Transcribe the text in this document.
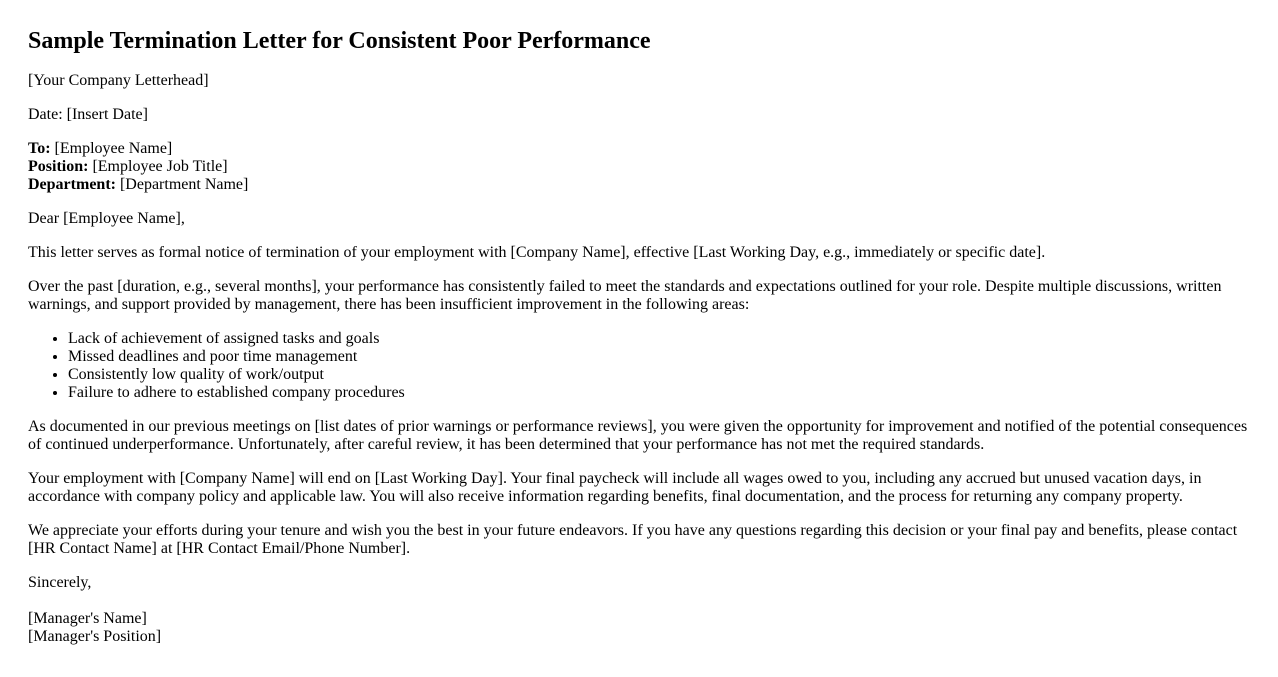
Sample Termination Letter for Consistent Poor Performance

[Your Company Letterhead]

Date: [Insert Date]

To: [Employee Name]
Position: [Employee Job Title]
Department: [Department Name]

Dear [Employee Name],

This letter serves as formal notice of termination of your employment with [Company Name], effective [Last Working Day, e.g., immediately or specific date].

Over the past [duration, e.g., several months], your performance has consistently failed to meet the standards and expectations outlined for your role. Despite multiple discussions, written warnings, and support provided by management, there has been insufficient improvement in the following areas:

• Lack of achievement of assigned tasks and goals
• Missed deadlines and poor time management
• Consistently low quality of work/output
• Failure to adhere to established company procedures

As documented in our previous meetings on [list dates of prior warnings or performance reviews], you were given the opportunity for improvement and notified of the potential consequences of continued underperformance. Unfortunately, after careful review, it has been determined that your performance has not met the required standards.

Your employment with [Company Name] will end on [Last Working Day]. Your final paycheck will include all wages owed to you, including any accrued but unused vacation days, in accordance with company policy and applicable law. You will also receive information regarding benefits, final documentation, and the process for returning any company property.

We appreciate your efforts during your tenure and wish you the best in your future endeavors. If you have any questions regarding this decision or your final pay and benefits, please contact [HR Contact Name] at [HR Contact Email/Phone Number].

Sincerely,

[Manager's Name]
[Manager's Position]
